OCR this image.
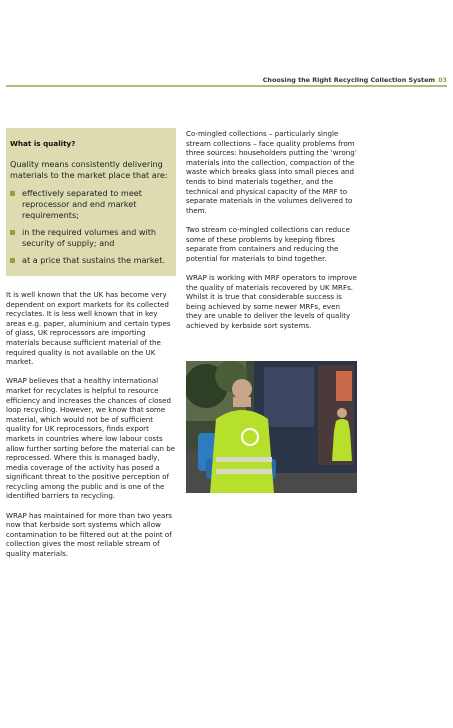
Choosing the Right Recycling Collection System 03
What is quality?

Quality means consistently delivering materials to the market place that are:

effectively separated to meet reprocessor and end market requirements;
in the required volumes and with security of supply; and
at a price that sustains the market.

It is well known that the UK has become very dependent on export markets for its collected recyclates. It is less well known that in key areas e.g. paper, aluminium and certain types of glass, UK reprocessors are importing materials because sufficient material of the required quality is not available on the UK market.

WRAP believes that a healthy international market for recyclates is helpful to resource efficiency and increases the chances of closed loop recycling. However, we know that some material, which would not be of sufficient quality for UK reprocessors, finds export markets in countries where low labour costs allow further sorting before the material can be reprocessed. Where this is managed badly, media coverage of the activity has posed a significant threat to the positive perception of recycling among the public and is one of the identified barriers to recycling.

WRAP has maintained for more than two years now that kerbside sort systems which allow contamination to be filtered out at the point of collection gives the most reliable stream of quality materials.

Co-mingled collections – particularly single stream collections – face quality problems from three sources: householders putting the ‘wrong’ materials into the collection, compaction of the waste which breaks glass into small pieces and tends to bind materials together, and the technical and physical capacity of the MRF to separate materials in the volumes delivered to them.

Two stream co-mingled collections can reduce some of these problems by keeping fibres separate from containers and reducing the potential for materials to bind together.

WRAP is working with MRF operators to improve the quality of materials recovered by UK MRFs. Whilst it is true that considerable success is being achieved by some newer MRFs, even they are unable to deliver the levels of quality achieved by kerbside sort systems.
